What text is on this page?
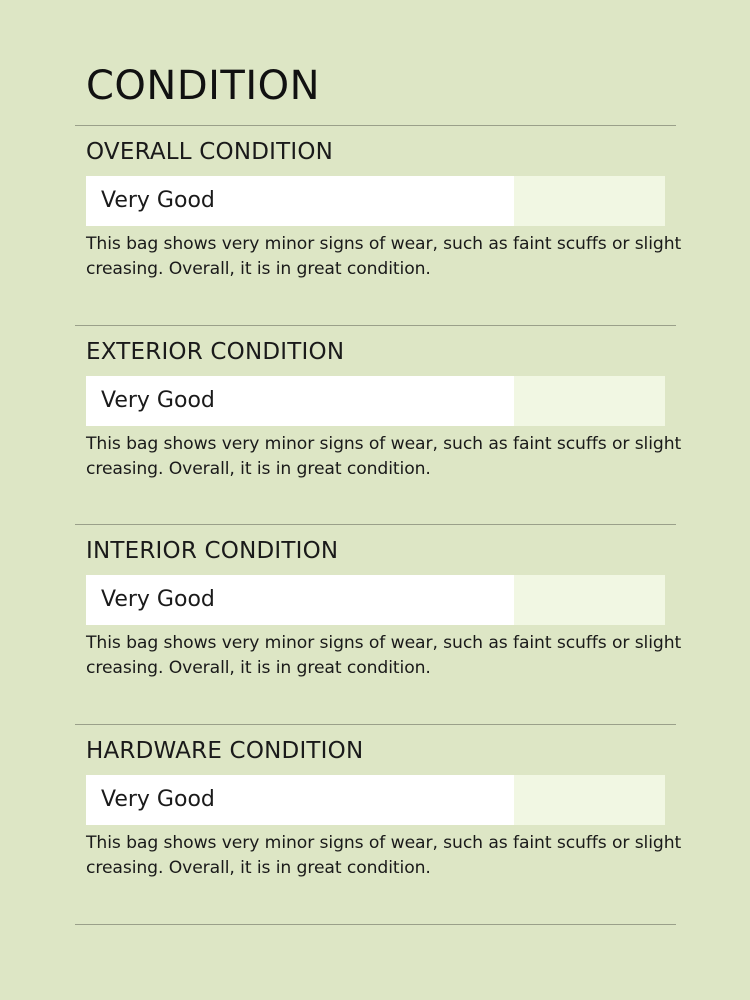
CONDITION
OVERALL CONDITION
Very Good

This bag shows very minor signs of wear, such as faint scuffs or slight creasing. Overall, it is in great condition.

EXTERIOR CONDITION
Very Good

This bag shows very minor signs of wear, such as faint scuffs or slight creasing. Overall, it is in great condition.

INTERIOR CONDITION
Very Good

This bag shows very minor signs of wear, such as faint scuffs or slight creasing. Overall, it is in great condition.

HARDWARE CONDITION
Very Good

This bag shows very minor signs of wear, such as faint scuffs or slight creasing. Overall, it is in great condition.
